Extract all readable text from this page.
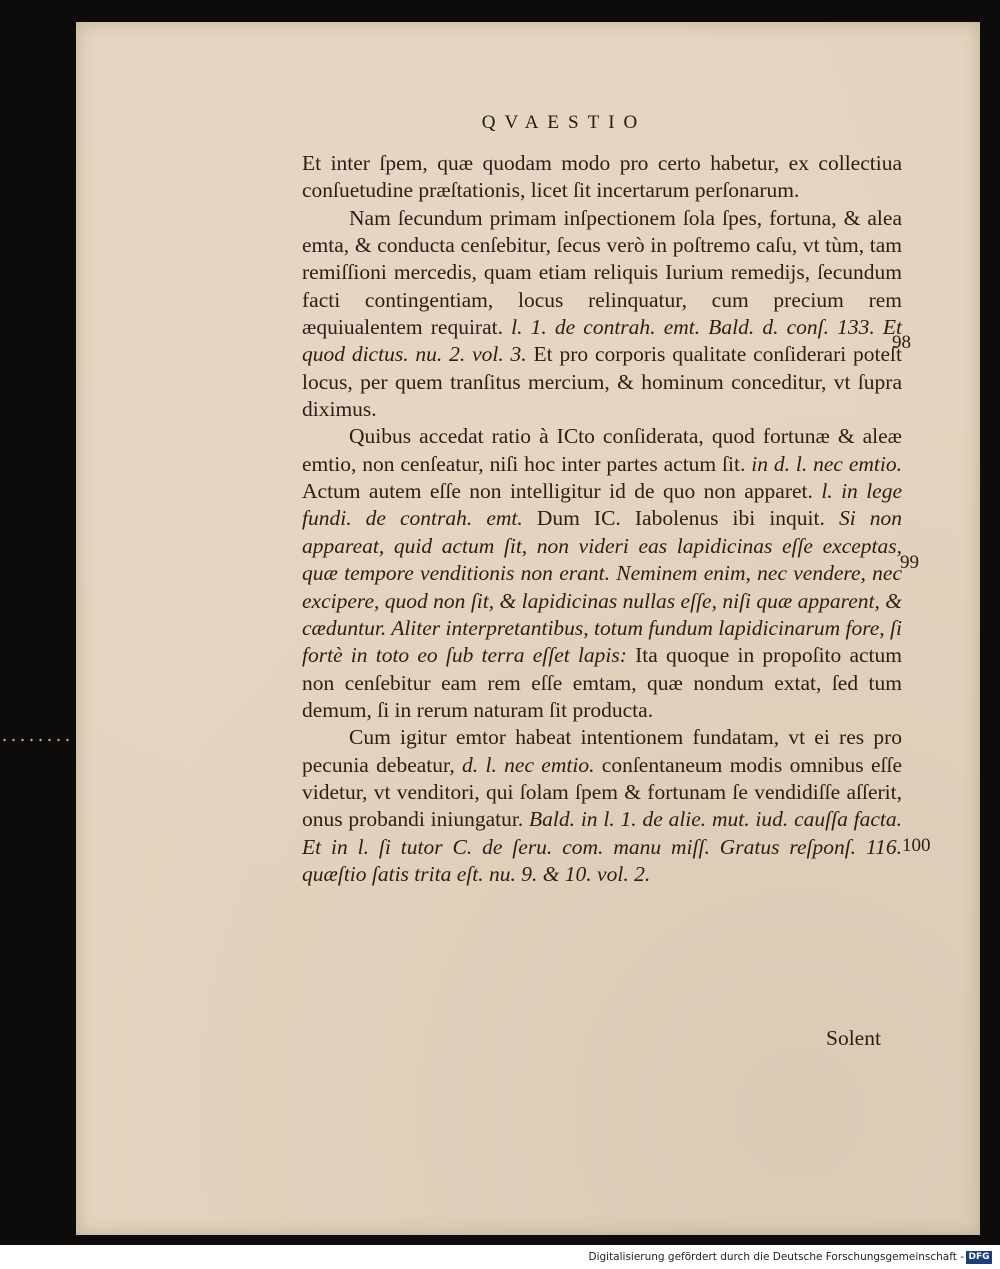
QVAESTIO

Et inter ſpem, quæ quodam modo pro certo habetur, ex collectiua conſuetudine præſtationis, licet ſit incertarum perſonarum.

Nam ſecundum primam inſpectionem ſola ſpes, fortuna, & alea emta, & conducta cenſebitur, ſecus verò in poſtremo caſu, vt tùm, tam remiſſioni mercedis, quam etiam reliquis Iurium remedijs, ſecundum facti contingentiam, locus relinquatur, cum precium rem æquiualentem requirat. l. 1. de contrah. emt. Bald. d. conſ. 133. Et quod dictus. nu. 2. vol. 3. Et pro corporis qualitate conſiderari poteſt locus, per quem tranſitus mercium, & hominum conceditur, vt ſupra diximus.

Quibus accedat ratio à ICto conſiderata, quod fortunæ & aleæ emtio, non cenſeatur, niſi hoc inter partes actum ſit. in d. l. nec emtio. Actum autem eſſe non intelligitur id de quo non apparet. l. in lege fundi. de contrah. emt. Dum IC. Iabolenus ibi inquit. Si non appareat, quid actum ſit, non videri eas lapidicinas eſſe exceptas, quæ tempore venditionis non erant. Neminem enim, nec vendere, nec excipere, quod non ſit, & lapidicinas nullas eſſe, niſi quæ apparent, & cæduntur. Aliter interpretantibus, totum fundum lapidicinarum fore, ſi fortè in toto eo ſub terra eſſet lapis: Ita quoque in propoſito actum non cenſebitur eam rem eſſe emtam, quæ nondum extat, ſed tum demum, ſi in rerum naturam ſit producta.

Cum igitur emtor habeat intentionem fundatam, vt ei res pro pecunia debeatur, d. l. nec emtio. conſentaneum modis omnibus eſſe videtur, vt venditori, qui ſolam ſpem & fortunam ſe vendidiſſe aſſerit, onus probandi iniungatur. Bald. in l. 1. de alie. mut. iud. cauſſa facta. Et in l. ſi tutor C. de ſeru. com. manu miſſ. Gratus reſponſ. 116. quæſtio ſatis trita eſt. nu. 9. & 10. vol. 2.

98
99
100
Solent
Digitalisierung gefördert durch die Deutsche Forschungsgemeinschaft - DFG
